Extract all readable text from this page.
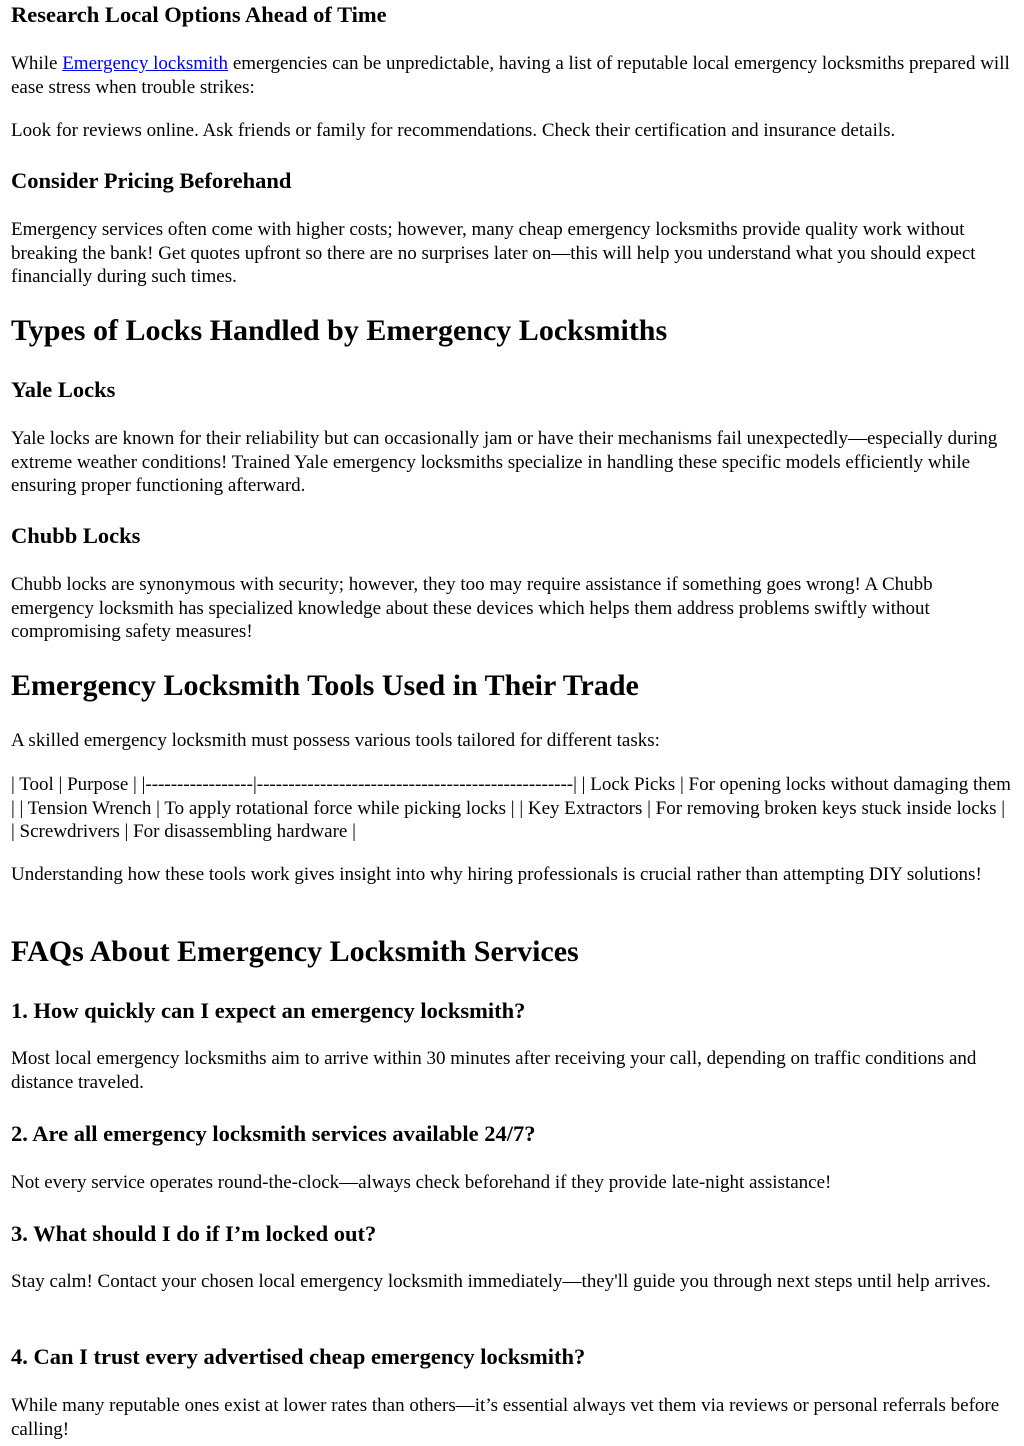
Research Local Options Ahead of Time

While Emergency locksmith emergencies can be unpredictable, having a list of reputable local emergency locksmiths prepared will ease stress when trouble strikes:

Look for reviews online. Ask friends or family for recommendations. Check their certification and insurance details.

Consider Pricing Beforehand

Emergency services often come with higher costs; however, many cheap emergency locksmiths provide quality work without breaking the bank! Get quotes upfront so there are no surprises later on—this will help you understand what you should expect financially during such times.

Types of Locks Handled by Emergency Locksmiths
Yale Locks

Yale locks are known for their reliability but can occasionally jam or have their mechanisms fail unexpectedly—especially during extreme weather conditions! Trained Yale emergency locksmiths specialize in handling these specific models efficiently while ensuring proper functioning afterward.

Chubb Locks

Chubb locks are synonymous with security; however, they too may require assistance if something goes wrong! A Chubb emergency locksmith has specialized knowledge about these devices which helps them address problems swiftly without compromising safety measures!

Emergency Locksmith Tools Used in Their Trade

A skilled emergency locksmith must possess various tools tailored for different tasks:

| Tool | Purpose | |-----------------|--------------------------------------------------| | Lock Picks | For opening locks without damaging them | | Tension Wrench | To apply rotational force while picking locks | | Key Extractors | For removing broken keys stuck inside locks | | Screwdrivers | For disassembling hardware |

Understanding how these tools work gives insight into why hiring professionals is crucial rather than attempting DIY solutions!

FAQs About Emergency Locksmith Services
1. How quickly can I expect an emergency locksmith?

Most local emergency locksmiths aim to arrive within 30 minutes after receiving your call, depending on traffic conditions and distance traveled.

2. Are all emergency locksmith services available 24/7?

Not every service operates round-the-clock—always check beforehand if they provide late-night assistance!

3. What should I do if I’m locked out?

Stay calm! Contact your chosen local emergency locksmith immediately—they'll guide you through next steps until help arrives.

4. Can I trust every advertised cheap emergency locksmith?

While many reputable ones exist at lower rates than others—it’s essential always vet them via reviews or personal referrals before calling!
